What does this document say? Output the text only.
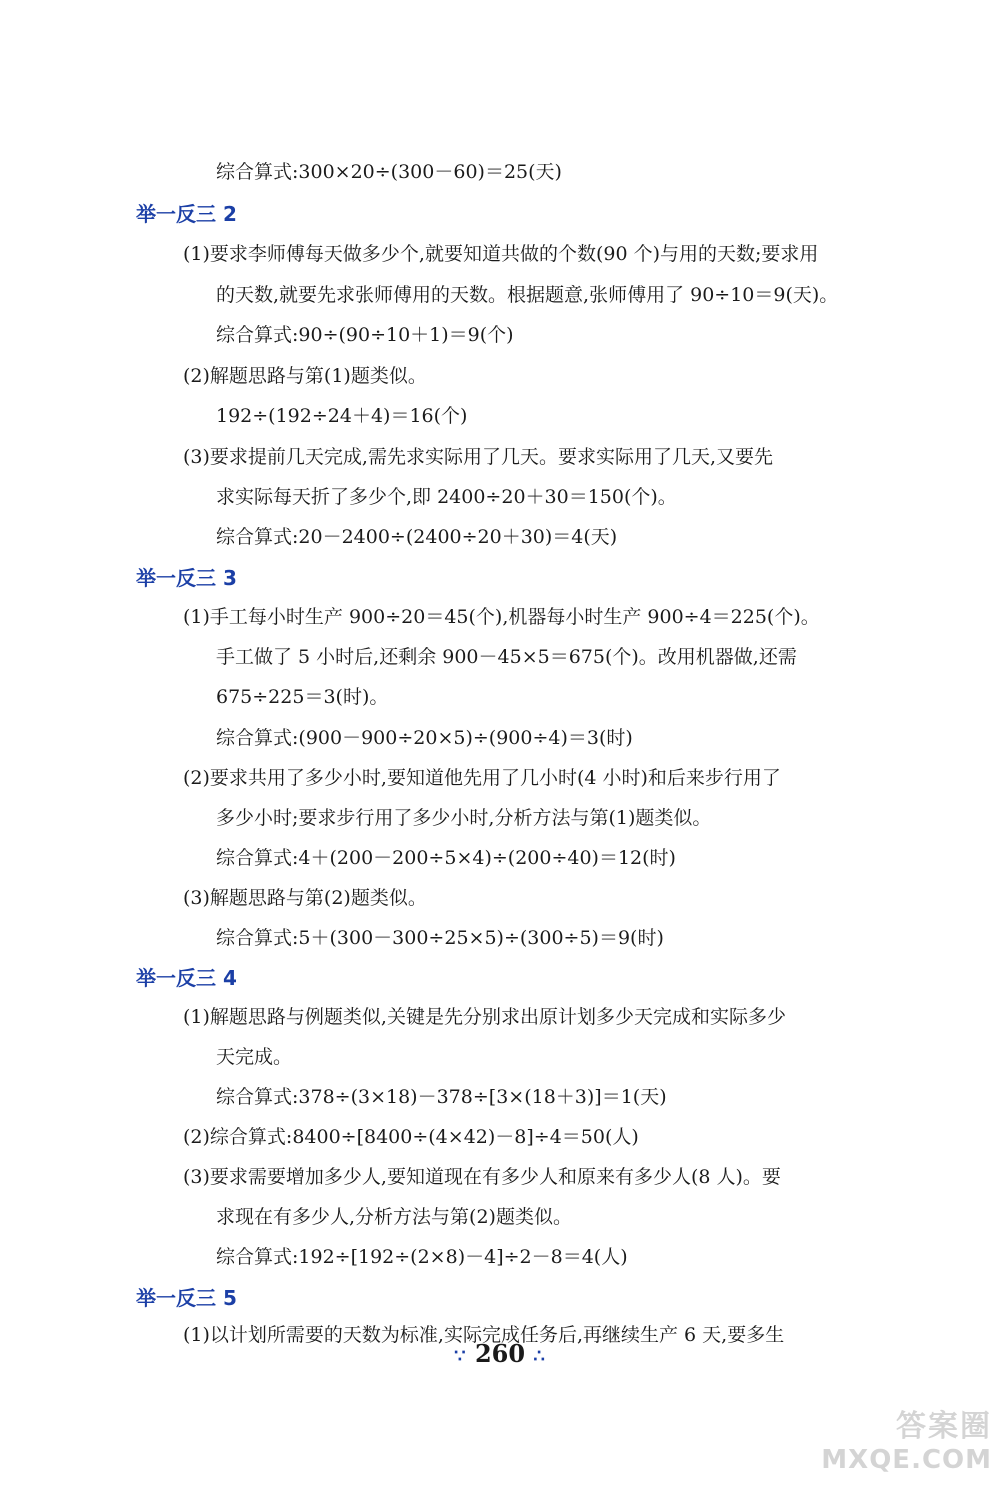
综合算式:300×20÷(300－60)＝25(天)
举一反三 2
(1)要求李师傅每天做多少个,就要知道共做的个数(90 个)与用的天数;要求用
的天数,就要先求张师傅用的天数。根据题意,张师傅用了 90÷10＝9(天)。
综合算式:90÷(90÷10＋1)＝9(个)
(2)解题思路与第(1)题类似。
192÷(192÷24＋4)＝16(个)
(3)要求提前几天完成,需先求实际用了几天。要求实际用了几天,又要先
求实际每天折了多少个,即 2400÷20＋30＝150(个)。
综合算式:20－2400÷(2400÷20＋30)＝4(天)
举一反三 3
(1)手工每小时生产 900÷20＝45(个),机器每小时生产 900÷4＝225(个)。
手工做了 5 小时后,还剩余 900－45×5＝675(个)。改用机器做,还需
675÷225＝3(时)。
综合算式:(900－900÷20×5)÷(900÷4)＝3(时)
(2)要求共用了多少小时,要知道他先用了几小时(4 小时)和后来步行用了
多少小时;要求步行用了多少小时,分析方法与第(1)题类似。
综合算式:4＋(200－200÷5×4)÷(200÷40)＝12(时)
(3)解题思路与第(2)题类似。
综合算式:5＋(300－300÷25×5)÷(300÷5)＝9(时)
举一反三 4
(1)解题思路与例题类似,关键是先分别求出原计划多少天完成和实际多少
天完成。
综合算式:378÷(3×18)－378÷[3×(18＋3)]＝1(天)
(2)综合算式:8400÷[8400÷(4×42)－8]÷4＝50(人)
(3)要求需要增加多少人,要知道现在有多少人和原来有多少人(8 人)。要
求现在有多少人,分析方法与第(2)题类似。
综合算式:192÷[192÷(2×8)－4]÷2－8＝4(人)
举一反三 5
(1)以计划所需要的天数为标准,实际完成任务后,再继续生产 6 天,要多生
∵ 260 ∴
答案圈
MXQE.COM
